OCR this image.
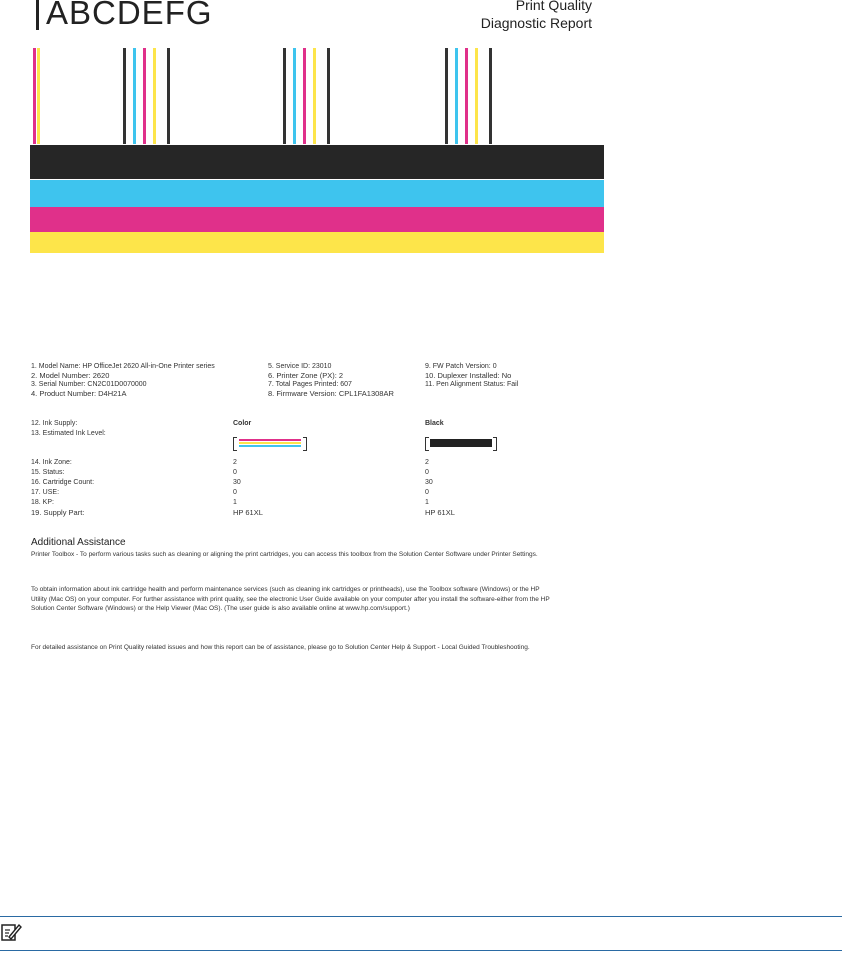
ABCDEFG	Print Quality
Diagnostic Report
1. Model Name: HP OfficeJet 2620 All-in-One Printer series
2. Model Number: 2620
3. Serial Number: CN2C01D0070000
4. Product Number: D4H21A
5. Service ID: 23010
6. Printer Zone (PX): 2
7. Total Pages Printed: 607
8. Firmware Version: CPL1FA1308AR
9. FW Patch Version: 0
10. Duplexer Installed: No
11. Pen Alignment Status: Fail
12. Ink Supply:
13. Estimated Ink Level:
Color	Black
14. Ink Zone:	2	2
15. Status:	0	0
16. Cartridge Count:	30	30
17. USE:	0	0
18. KP:	1	1
19. Supply Part:	HP 61XL	HP 61XL
Additional Assistance
Printer Toolbox - To perform various tasks such as cleaning or aligning the print cartridges, you can access this toolbox from the Solution Center Software under Printer Settings.
To obtain information about ink cartridge health and perform maintenance services (such as cleaning ink cartridges or printheads), use the Toolbox software (Windows) or the HP Utility (Mac OS) on your computer. For further assistance with print quality, see the electronic User Guide available on your computer after you install the software-either from the HP Solution Center Software (Windows) or the Help Viewer (Mac OS). (The user guide is also available online at www.hp.com/support.)
For detailed assistance on Print Quality related issues and how this report can be of assistance, please go to Solution Center Help & Support - Local Guided Troubleshooting.
